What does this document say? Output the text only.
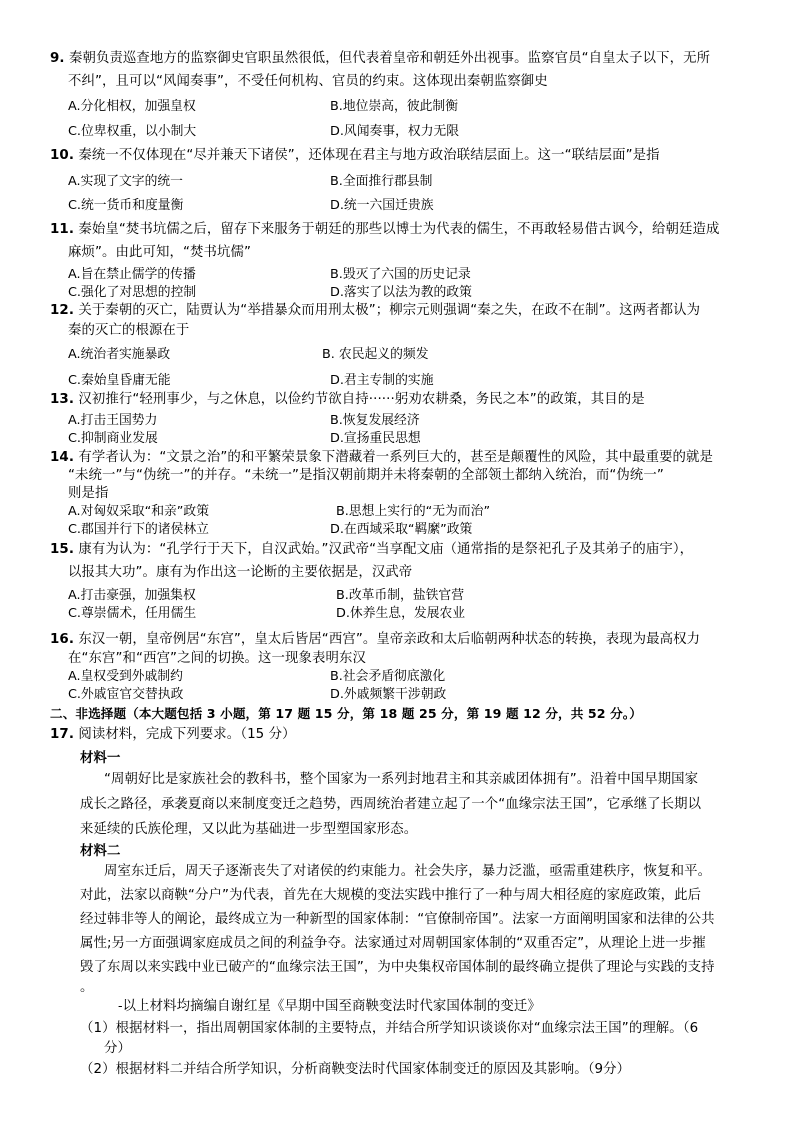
9. 秦朝负责巡查地方的监察御史官职虽然很低，但代表着皇帝和朝廷外出视事。监察官员“自皇太子以下，无所
不纠”，且可以“风闻奏事”，不受任何机构、官员的约束。这体现出秦朝监察御史
A.分化相权，加强皇权	B.地位崇高，彼此制衡
C.位卑权重，以小制大	D.风闻奏事，权力无限
10. 秦统一不仅体现在“尽并兼天下诸侯”，还体现在君主与地方政治联结层面上。这一“联结层面”是指
A.实现了文字的统一	B.全面推行郡县制
C.统一货币和度量衡	D.统一六国迁贵族
11. 秦始皇“焚书坑儒之后，留存下来服务于朝廷的那些以博士为代表的儒生，不再敢轻易借古讽今，给朝廷造成
麻烦”。由此可知，“焚书坑儒”
A.旨在禁止儒学的传播	B.毁灭了六国的历史记录
C.强化了对思想的控制	D.落实了以法为教的政策
12. 关于秦朝的灭亡，陆贾认为“举措暴众而用刑太极”；柳宗元则强调“秦之失，在政不在制”。这两者都认为
秦的灭亡的根源在于
A.统治者实施暴政	B. 农民起义的频发
C.秦始皇昏庸无能	D.君主专制的实施
13. 汉初推行“轻刑事少，与之休息，以俭约节欲自持······躬劝农耕桑，务民之本”的政策，其目的是
A.打击王国势力	B.恢复发展经济
C.抑制商业发展	D.宣扬重民思想
14. 有学者认为：“文景之治”的和平繁荣景象下潜藏着一系列巨大的，甚至是颠覆性的风险，其中最重要的就是
“未统一”与“伪统一”的并存。“未统一”是指汉朝前期并未将秦朝的全部领土都纳入统治，而“伪统一”
则是指
A.对匈奴采取“和亲”政策	B.思想上实行的“无为而治”
C.郡国并行下的诸侯林立	D.在西域采取“羁縻”政策
15. 康有为认为：“孔学行于天下，自汉武始。”汉武帝“当享配文庙（通常指的是祭祀孔子及其弟子的庙宇），
以报其大功”。康有为作出这一论断的主要依据是，汉武帝
A.打击豪强，加强集权	B.改革币制，盐铁官营
C.尊崇儒术，任用儒生	D.休养生息，发展农业
16. 东汉一朝，皇帝例居“东宫”，皇太后皆居“西宫”。皇帝亲政和太后临朝两种状态的转换，表现为最高权力
在“东宫”和“西宫”之间的切换。这一现象表明东汉
A.皇权受到外戚制约	B.社会矛盾彻底激化
C.外戚宦官交替执政	D.外戚频繁干涉朝政
二、非选择题（本大题包括 3 小题，第 17 题 15 分，第 18 题 25 分，第 19 题 12 分，共 52 分。）
17. 阅读材料，完成下列要求。（15 分）
材料一
“周朝好比是家族社会的教科书，整个国家为一系列封地君主和其亲戚团体拥有”。沿着中国早期国家
成长之路径，承袭夏商以来制度变迁之趋势，西周统治者建立起了一个“血缘宗法王国”，它承继了长期以
来延续的氏族伦理，又以此为基础进一步型塑国家形态。
材料二
周室东迁后，周天子逐渐丧失了对诸侯的约束能力。社会失序，暴力泛滥，亟需重建秩序，恢复和平。
对此，法家以商鞅“分户”为代表，首先在大规模的变法实践中推行了一种与周大相径庭的家庭政策，此后
经过韩非等人的阐论，最终成立为一种新型的国家体制：“官僚制帝国”。法家一方面阐明国家和法律的公共
属性;另一方面强调家庭成员之间的利益争夺。法家通过对周朝国家体制的“双重否定”，从理论上进一步摧
毁了东周以来实践中业已破产的“血缘宗法王国”，为中央集权帝国体制的最终确立提供了理论与实践的支持
。
-以上材料均摘编自谢红星《早期中国至商鞅变法时代家国体制的变迁》
（1）根据材料一，指出周朝国家体制的主要特点，并结合所学知识谈谈你对“血缘宗法王国”的理解。（6
分）
（2）根据材料二并结合所学知识，分析商鞅变法时代国家体制变迁的原因及其影响。（9分）
